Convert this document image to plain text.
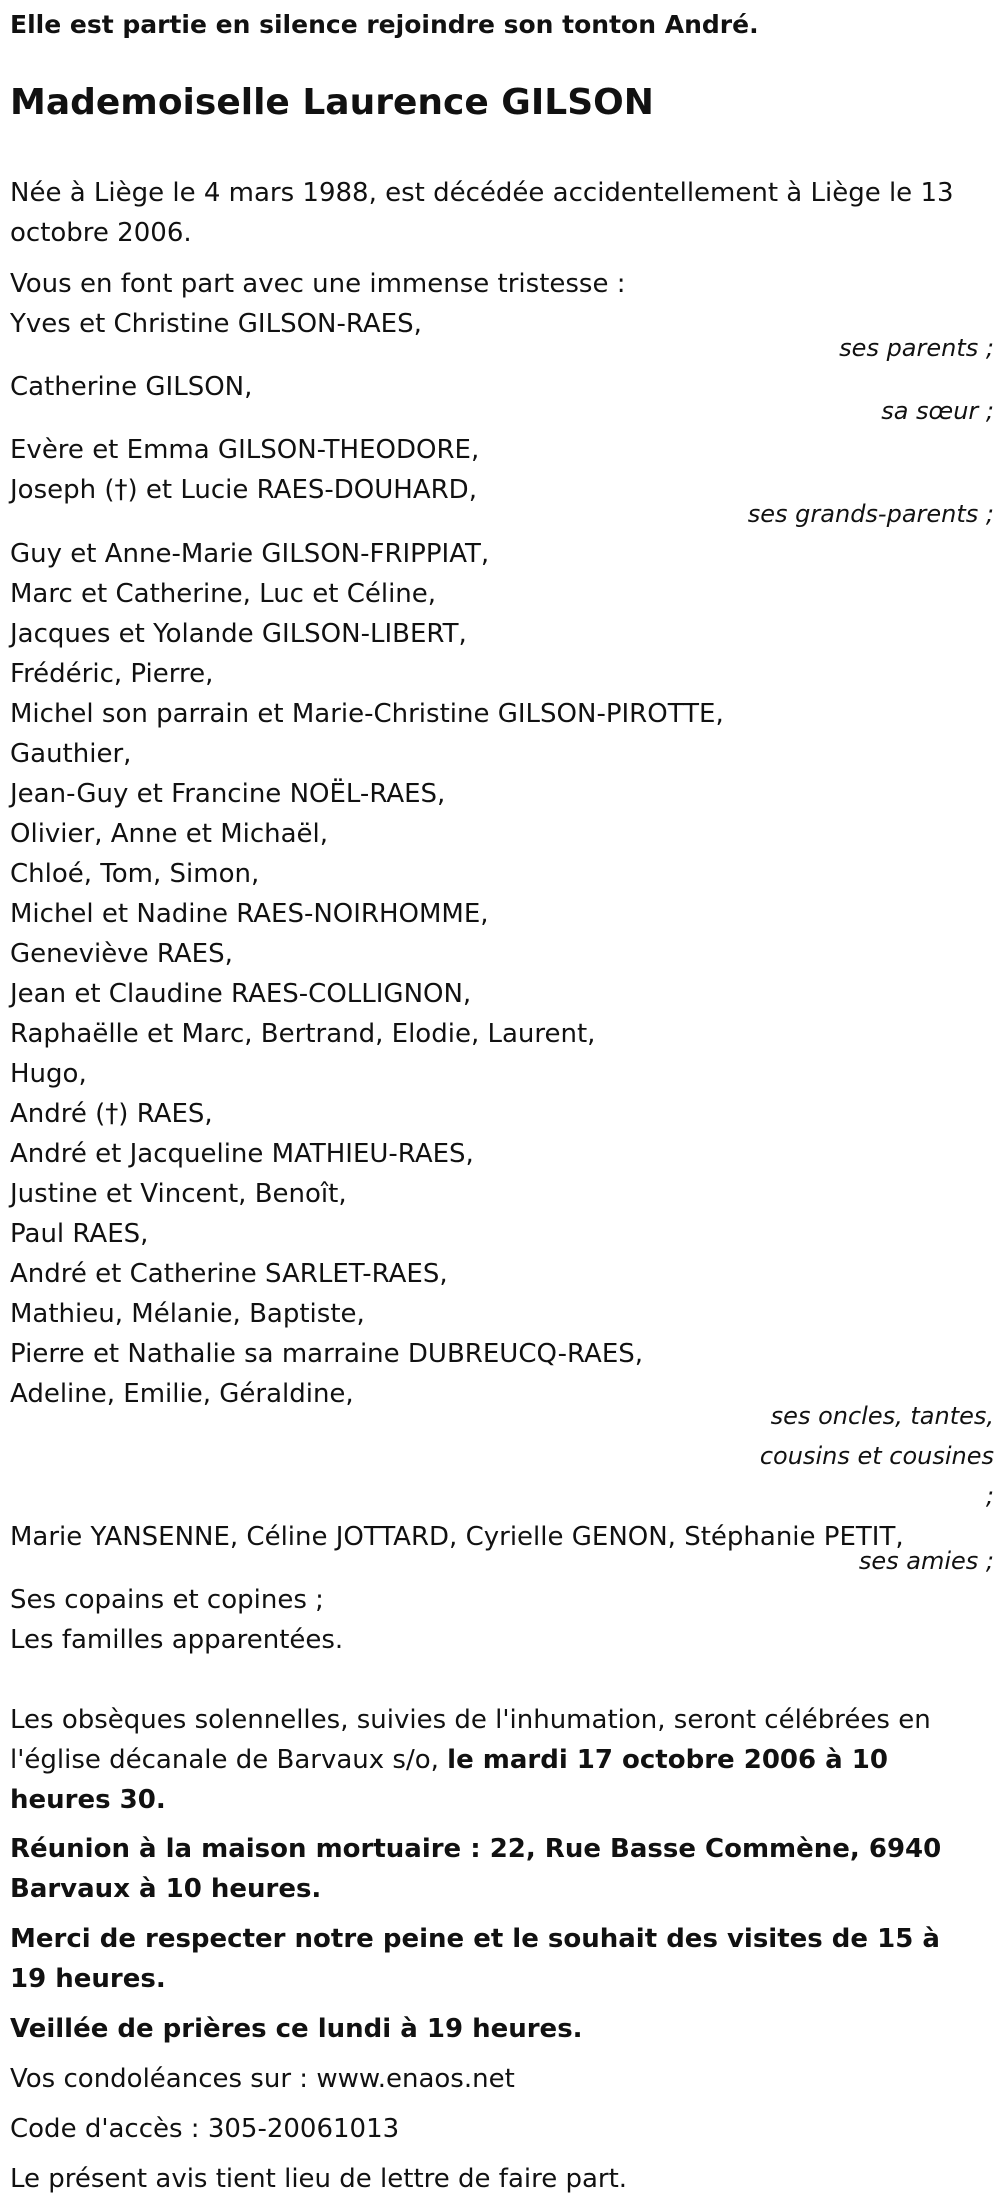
Elle est partie en silence rejoindre son tonton André.
Mademoiselle Laurence GILSON
Née à Liège le 4 mars 1988, est décédée accidentellement à Liège le 13 octobre 2006.
Vous en font part avec une immense tristesse :
Yves et Christine GILSON-RAES,
ses parents ;
Catherine GILSON,
sa sœur ;
Evère et Emma GILSON-THEODORE,
Joseph (†) et Lucie RAES-DOUHARD,
ses grands-parents ;
Guy et Anne-Marie GILSON-FRIPPIAT,
Marc et Catherine, Luc et Céline,
Jacques et Yolande GILSON-LIBERT,
Frédéric, Pierre,
Michel son parrain et Marie-Christine GILSON-PIROTTE,
Gauthier,
Jean-Guy et Francine NOËL-RAES,
Olivier, Anne et Michaël,
Chloé, Tom, Simon,
Michel et Nadine RAES-NOIRHOMME,
Geneviève RAES,
Jean et Claudine RAES-COLLIGNON,
Raphaëlle et Marc, Bertrand, Elodie, Laurent,
Hugo,
André (†) RAES,
André et Jacqueline MATHIEU-RAES,
Justine et Vincent, Benoît,
Paul RAES,
André et Catherine SARLET-RAES,
Mathieu, Mélanie, Baptiste,
Pierre et Nathalie sa marraine DUBREUCQ-RAES,
Adeline, Emilie, Géraldine,
ses oncles, tantes,
cousins et cousines
;
Marie YANSENNE, Céline JOTTARD, Cyrielle GENON, Stéphanie PETIT,
ses amies ;
Ses copains et copines ;
Les familles apparentées.
Les obsèques solennelles, suivies de l'inhumation, seront célébrées en l'église décanale de Barvaux s/o, le mardi 17 octobre 2006 à 10 heures 30.
Réunion à la maison mortuaire : 22, Rue Basse Commène, 6940 Barvaux à 10 heures.
Merci de respecter notre peine et le souhait des visites de 15 à 19 heures.
Veillée de prières ce lundi à 19 heures.
Vos condoléances sur : www.enaos.net
Code d'accès : 305-20061013
Le présent avis tient lieu de lettre de faire part.
